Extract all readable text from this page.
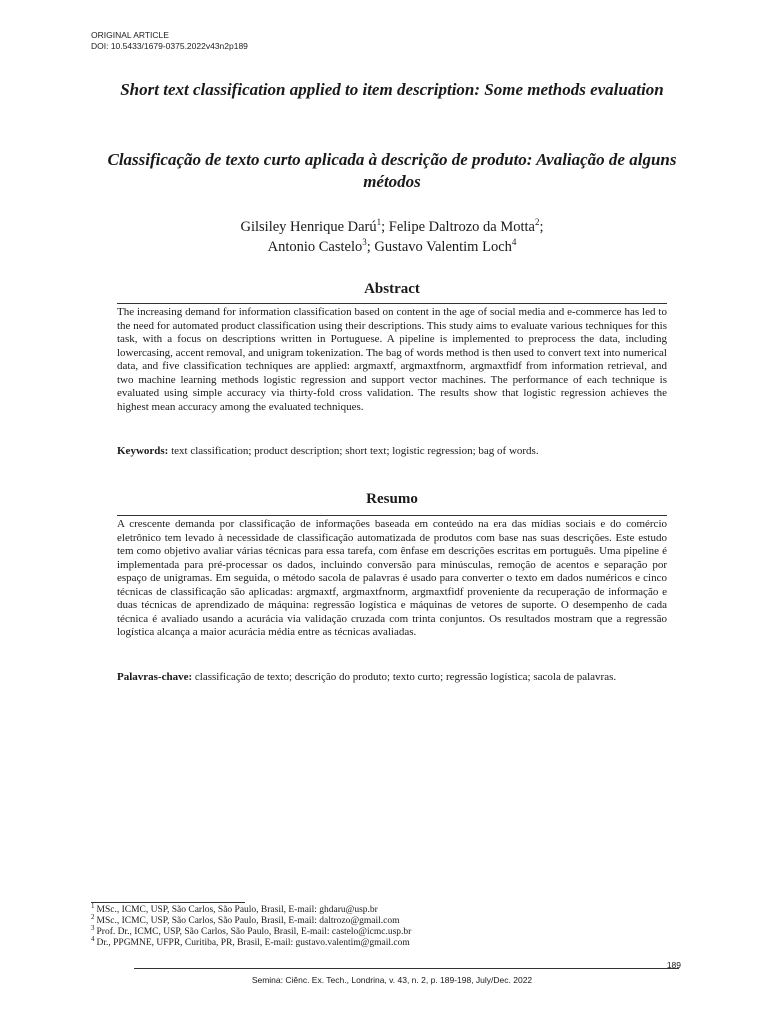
ORIGINAL ARTICLE
DOI: 10.5433/1679-0375.2022v43n2p189
Short text classification applied to item description: Some methods evaluation
Classificação de texto curto aplicada à descrição de produto: Avaliação de alguns métodos
Gilsiley Henrique Darú$^1$; Felipe Daltrozo da Motta$^2$;
Antonio Castelo$^3$; Gustavo Valentim Loch$^4$
Abstract
The increasing demand for information classification based on content in the age of social media and e-commerce has led to the need for automated product classification using their descriptions. This study aims to evaluate various techniques for this task, with a focus on descriptions written in Portuguese. A pipeline is implemented to preprocess the data, including lowercasing, accent removal, and unigram tokenization. The bag of words method is then used to convert text into numerical data, and five classification techniques are applied: argmaxtf, argmaxtfnorm, argmaxtfidf from information retrieval, and two machine learning methods logistic regression and support vector machines. The performance of each technique is evaluated using simple accuracy via thirty-fold cross validation. The results show that logistic regression achieves the highest mean accuracy among the evaluated techniques.
Keywords: text classification; product description; short text; logistic regression; bag of words.
Resumo
A crescente demanda por classificação de informações baseada em conteúdo na era das mídias sociais e do comércio eletrônico tem levado à necessidade de classificação automatizada de produtos com base nas suas descrições. Este estudo tem como objetivo avaliar várias técnicas para essa tarefa, com ênfase em descrições escritas em português. Uma pipeline é implementada para pré-processar os dados, incluindo conversão para minúsculas, remoção de acentos e separação por espaço de unigramas. Em seguida, o método sacola de palavras é usado para converter o texto em dados numéricos e cinco técnicas de classificação são aplicadas: argmaxtf, argmaxtfnorm, argmaxtfidf proveniente da recuperação de informação e duas técnicas de aprendizado de máquina: regressão logística e máquinas de vetores de suporte. O desempenho de cada técnica é avaliado usando a acurácia via validação cruzada com trinta conjuntos. Os resultados mostram que a regressão logística alcança a maior acurácia média entre as técnicas avaliadas.
Palavras-chave: classificação de texto; descrição do produto; texto curto; regressão logística; sacola de palavras.
$^1$ MSc., ICMC, USP, São Carlos, São Paulo, Brasil, E-mail: ghdaru@usp.br
$^2$ MSc., ICMC, USP, São Carlos, São Paulo, Brasil, E-mail: daltrozo@gmail.com
$^3$ Prof. Dr., ICMC, USP, São Carlos, São Paulo, Brasil, E-mail: castelo@icmc.usp.br
$^4$ Dr., PPGMNE, UFPR, Curitiba, PR, Brasil, E-mail: gustavo.valentim@gmail.com
189
Semina: Ciênc. Ex. Tech., Londrina, v. 43, n. 2, p. 189-198, July/Dec. 2022
